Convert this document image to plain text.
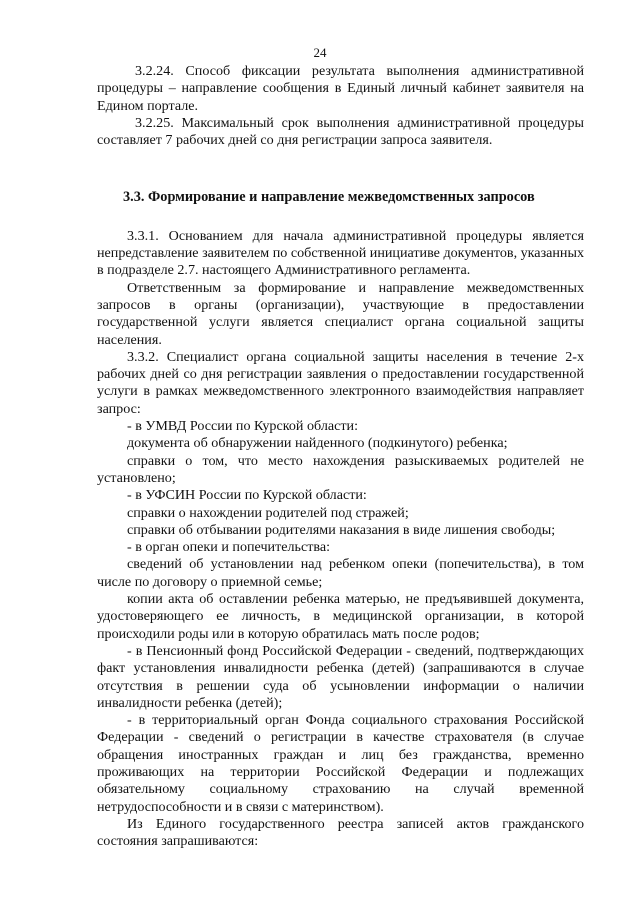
24

3.2.24. Способ фиксации результата выполнения административной процедуры – направление сообщения в Единый личный кабинет заявителя на Едином портале.

3.2.25. Максимальный срок выполнения административной процедуры составляет 7 рабочих дней со дня регистрации запроса заявителя.

3.3. Формирование и направление межведомственных запросов

3.3.1. Основанием для начала административной процедуры является непредставление заявителем по собственной инициативе документов, указанных в подразделе 2.7. настоящего Административного регламента.

Ответственным за формирование и направление межведомственных запросов в органы (организации), участвующие в предоставлении государственной услуги является специалист органа социальной защиты населения.

3.3.2. Специалист органа социальной защиты населения в течение 2-х рабочих дней со дня регистрации заявления о предоставлении государственной услуги в рамках межведомственного электронного взаимодействия направляет запрос:

- в УМВД России по Курской области:

документа об обнаружении найденного (подкинутого) ребенка;

справки о том, что место нахождения разыскиваемых родителей не установлено;

- в УФСИН России по Курской области:

справки о нахождении родителей под стражей;

справки об отбывании родителями наказания в виде лишения свободы;

- в орган опеки и попечительства:

сведений об установлении над ребенком опеки (попечительства), в том числе по договору о приемной семье;

копии акта об оставлении ребенка матерью, не предъявившей документа, удостоверяющего ее личность, в медицинской организации, в которой происходили роды или в которую обратилась мать после родов;

- в Пенсионный фонд Российской Федерации - сведений, подтверждающих факт установления инвалидности ребенка (детей) (запрашиваются в случае отсутствия в решении суда об усыновлении информации о наличии инвалидности ребенка (детей);

- в территориальный орган Фонда социального страхования Российской Федерации - сведений о регистрации в качестве страхователя (в случае обращения иностранных граждан и лиц без гражданства, временно проживающих на территории Российской Федерации и подлежащих обязательному социальному страхованию на случай временной нетрудоспособности и в связи с материнством).

Из Единого государственного реестра записей актов гражданского состояния запрашиваются:
